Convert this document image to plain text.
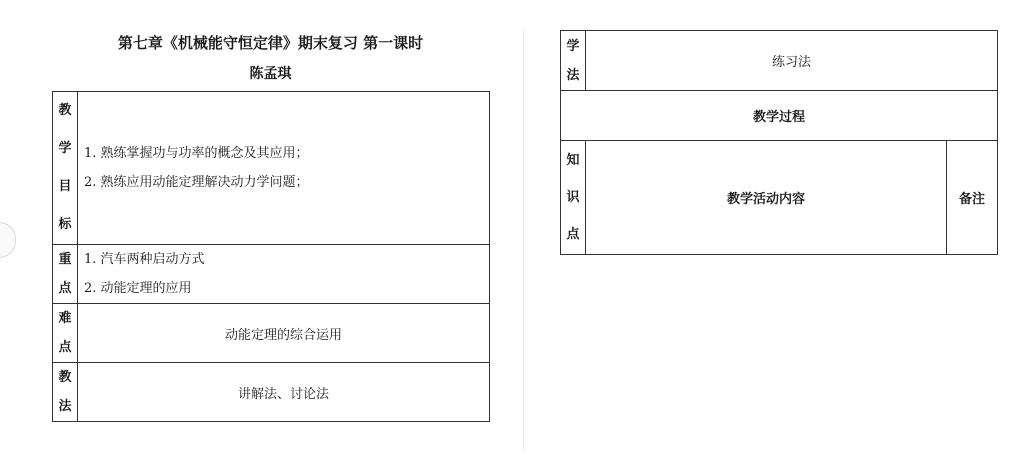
第七章《机械能守恒定律》期末复习 第一课时
陈孟琪
教
学
目
标	1. 熟练掌握功与功率的概念及其应用；
2. 熟练应用动能定理解决动力学问题；

重
点	1. 汽车两种启动方式
2. 动能定理的应用

难
点	动能定理的综合运用

教
法	讲解法、讨论法
学
法	练习法	
教学过程		

知
识
点	教学活动内容	备注
